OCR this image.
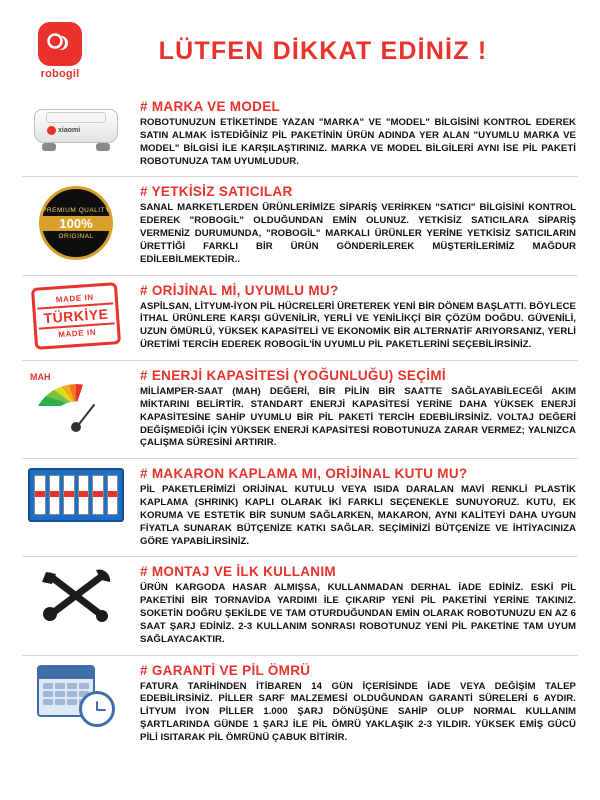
robogil
LÜTFEN DİKKAT EDİNİZ !
xiaomi
# MARKA VE MODEL
ROBOTUNUZUN ETİKETİNDE YAZAN "MARKA" VE "MODEL" BİLGİSİNİ KONTROL EDEREK SATIN ALMAK İSTEDİĞİNİZ PİL PAKETİNİN ÜRÜN ADINDA YER ALAN "UYUMLU MARKA VE MODEL" BİLGİSİ İLE KARŞILAŞTIRINIZ. MARKA VE MODEL BİLGİLERİ AYNI İSE PİL PAKETİ ROBOTUNUZA TAM UYUMLUDUR.
PREMIUM QUALITY
100%
ORIGINAL
# YETKİSİZ SATICILAR
SANAL MARKETLERDEN ÜRÜNLERİMİZE SİPARİŞ VERİRKEN "SATICI" BİLGİSİNİ KONTROL EDEREK "ROBOGİL" OLDUĞUNDAN EMİN OLUNUZ. YETKİSİZ SATICILARA SİPARİŞ VERMENİZ DURUMUNDA, "ROBOGİL" MARKALI ÜRÜNLER YERİNE YETKİSİZ SATICILARIN ÜRETTİĞİ FARKLI BİR ÜRÜN GÖNDERİLEREK MÜŞTERİLERİMİZ MAĞDUR EDİLEBİLMEKTEDİR..
MADE IN
TÜRKİYE
MADE IN
# ORİJİNAL Mİ, UYUMLU MU?
ASPİLSAN, LİTYUM-İYON PİL HÜCRELERİ ÜRETEREK YENİ BİR DÖNEM BAŞLATTI. BÖYLECE İTHAL ÜRÜNLERE KARŞI GÜVENİLİR, YERLİ VE YENİLİKÇİ BİR ÇÖZÜM DOĞDU. GÜVENİLİ, UZUN ÖMÜRLÜ, YÜKSEK KAPASİTELİ VE EKONOMİK BİR ALTERNATİF ARIYORSANIZ, YERLİ ÜRETİMİ TERCİH EDEREK ROBOGİL'İN UYUMLU PİL PAKETLERİNİ SEÇEBİLİRSİNİZ.
MAH	# ENERJİ KAPASİTESİ (YOĞUNLUĞU) SEÇİMİ
MİLİAMPER-SAAT (MAH) DEĞERİ, BİR PİLİN BİR SAATTE SAĞLAYABİLECEĞİ AKIM MİKTARINI BELİRTİR. STANDART ENERJİ KAPASİTESİ YERİNE DAHA YÜKSEK ENERJİ KAPASİTESİNE SAHİP UYUMLU BİR PİL PAKETİ TERCİH EDEBİLİRSİNİZ. VOLTAJ DEĞERİ DEĞİŞMEDİĞİ İÇİN YÜKSEK ENERJİ KAPASİTESİ ROBOTUNUZA ZARAR VERMEZ; YALNIZCA ÇALIŞMA SÜRESİNİ ARTIRIR.
# MAKARON KAPLAMA MI, ORİJİNAL KUTU MU?
PİL PAKETLERİMİZİ ORİJİNAL KUTULU VEYA ISIDA DARALAN MAVİ RENKLİ PLASTİK KAPLAMA (SHRINK) KAPLI OLARAK İKİ FARKLI SEÇENEKLE SUNUYORUZ. KUTU, EK KORUMA VE ESTETİK BİR SUNUM SAĞLARKEN, MAKARON, AYNI KALİTEYİ DAHA UYGUN FİYATLA SUNARAK BÜTÇENİZE KATKI SAĞLAR. SEÇİMİNİZİ BÜTÇENİZE VE İHTİYACINIZA GÖRE YAPABİLİRSİNİZ.
# MONTAJ VE İLK KULLANIM
ÜRÜN KARGODA HASAR ALMIŞSA, KULLANMADAN DERHAL İADE EDİNİZ. ESKİ PİL PAKETİNİ BİR TORNAVİDA YARDIMI İLE ÇIKARIP YENİ PİL PAKETİNİ YERİNE TAKINIZ. SOKETİN DOĞRU ŞEKİLDE VE TAM OTURDUĞUNDAN EMİN OLARAK ROBOTUNUZU EN AZ 6 SAAT ŞARJ EDİNİZ. 2-3 KULLANIM SONRASI ROBOTUNUZ YENİ PİL PAKETİNE TAM UYUM SAĞLAYACAKTIR.
# GARANTİ VE PİL ÖMRÜ
FATURA TARİHİNDEN İTİBAREN 14 GÜN İÇERİSİNDE İADE VEYA DEĞİŞİM TALEP EDEBİLİRSİNİZ. PİLLER SARF MALZEMESİ OLDUĞUNDAN GARANTİ SÜRELERİ 6 AYDIR. LİTYUM İYON PİLLER 1.000 ŞARJ DÖNÜŞÜNE SAHİP OLUP NORMAL KULLANIM ŞARTLARINDA GÜNDE 1 ŞARJ İLE PİL ÖMRÜ YAKLAŞIK 2-3 YILDIR. YÜKSEK EMİŞ GÜCÜ PİLİ ISITARAK PİL ÖMRÜNÜ ÇABUK BİTİRİR.
